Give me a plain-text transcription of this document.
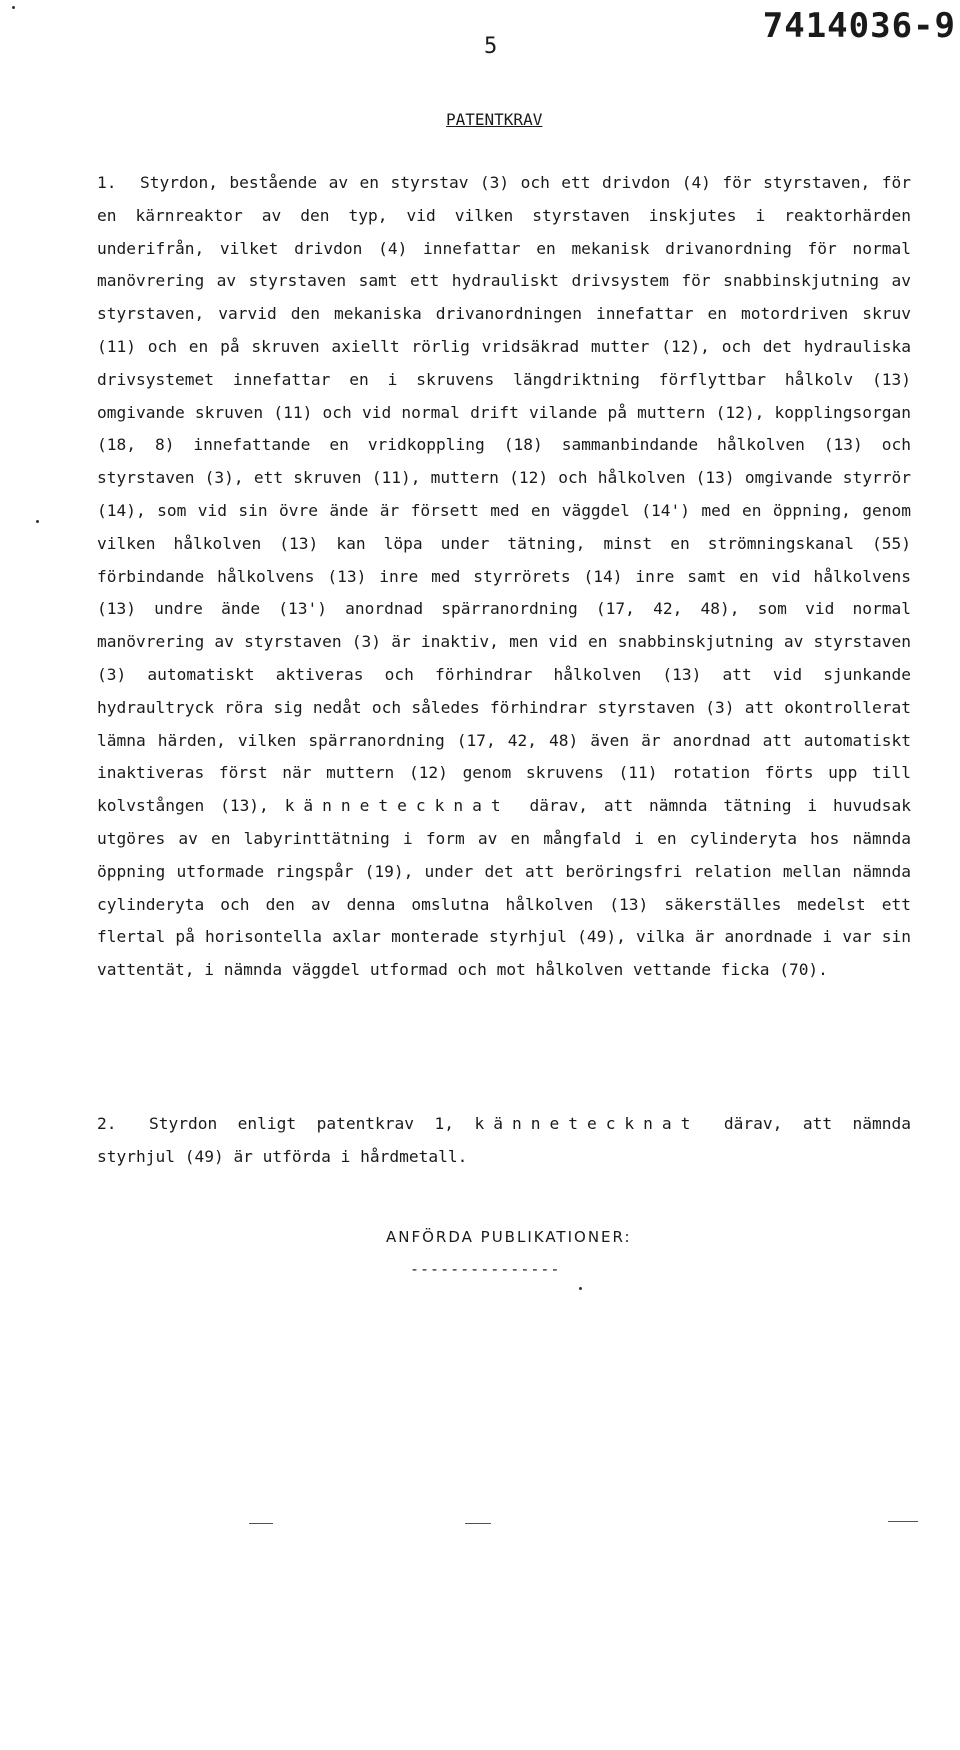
7414036-9
5
PATENTKRAV

1. Styrdon, bestående av en styrstav (3) och ett drivdon (4) för styrstaven, för en kärnreaktor av den typ, vid vilken styrstaven inskjutes i reaktorhärden underifrån, vilket drivdon (4) innefattar en mekanisk drivanordning för normal manövrering av styrstaven samt ett hydrauliskt drivsystem för snabbinskjutning av styrstaven, varvid den mekaniska drivanordningen innefattar en motordriven skruv (11) och en på skruven axiellt rörlig vridsäkrad mutter (12), och det hydrauliska drivsystemet innefattar en i skruvens längdriktning förflyttbar hålkolv (13) omgivande skruven (11) och vid normal drift vilande på muttern (12), kopplingsorgan (18, 8) innefattande en vridkoppling (18) sammanbindande hålkolven (13) och styrstaven (3), ett skruven (11), muttern (12) och hålkolven (13) omgivande styrrör (14), som vid sin övre ände är försett med en väggdel (14') med en öppning, genom vilken hålkolven (13) kan löpa under tätning, minst en strömningskanal (55) förbindande hålkolvens (13) inre med styrrörets (14) inre samt en vid hålkolvens (13) undre ände (13') anordnad spärranordning (17, 42, 48), som vid normal manövrering av styrstaven (3) är inaktiv, men vid en snabbinskjutning av styrstaven (3) automatiskt aktiveras och förhindrar hålkolven (13) att vid sjunkande hydraultryck röra sig nedåt och således förhindrar styrstaven (3) att okontrollerat lämna härden, vilken spärranordning (17, 42, 48) även är anordnad att automatiskt inaktiveras först när muttern (12) genom skruvens (11) rotation förts upp till kolvstången (13), kännetecknat därav, att nämnda tätning i huvudsak utgöres av en labyrinttätning i form av en mångfald i en cylinderyta hos nämnda öppning utformade ringspår (19), under det att beröringsfri relation mellan nämnda cylinderyta och den av denna omslutna hålkolven (13) säkerställes medelst ett flertal på horisontella axlar monterade styrhjul (49), vilka är anordnade i var sin vattentät, i nämnda väggdel utformad och mot hålkolven vettande ficka (70).

2. Styrdon enligt patentkrav 1, kännetecknat därav, att nämnda styrhjul (49) är utförda i hårdmetall.

ANFÖRDA PUBLIKATIONER:
---------------
